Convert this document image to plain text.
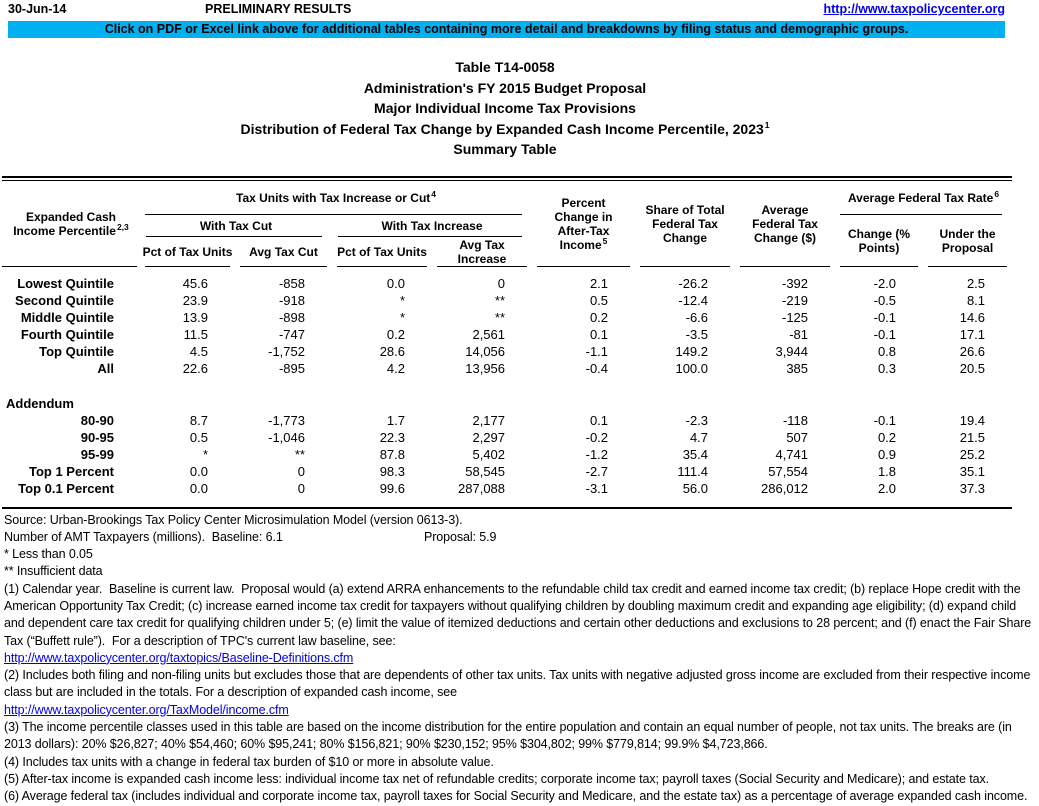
30-Jun-14	PRELIMINARY RESULTS	http://www.taxpolicycenter.org
Click on PDF or Excel link above for additional tables containing more detail and breakdowns by filing status and demographic groups.
Table T14-0058
Administration's FY 2015 Budget Proposal
Major Individual Income Tax Provisions
Distribution of Federal Tax Change by Expanded Cash Income Percentile, 2023$^1$
Summary Table
Expanded Cash Income Percentile$^{2,3}$	Tax Units with Tax Increase or Cut$^4$				Percent Change in After-Tax Income$^5$	Share of Total Federal Tax Change	Average Federal Tax Change ($)	Average Federal Tax Rate$^6$
	With Tax Cut		With Tax Increase					Change (% Points)	Under the Proposal
	Pct of Tax Units	Avg Tax Cut	Pct of Tax Units	Avg Tax Increase					

Lowest Quintile	45.6	-858	0.0	0	2.1	-26.2	-392	-2.0	2.5
Second Quintile	23.9	-918	*	**	0.5	-12.4	-219	-0.5	8.1
Middle Quintile	13.9	-898	*	**	0.2	-6.6	-125	-0.1	14.6
Fourth Quintile	11.5	-747	0.2	2,561	0.1	-3.5	-81	-0.1	17.1
Top Quintile	4.5	-1,752	28.6	14,056	-1.1	149.2	3,944	0.8	26.6
All	22.6	-895	4.2	13,956	-0.4	100.0	385	0.3	20.5

Addendum									
80-90	8.7	-1,773	1.7	2,177	0.1	-2.3	-118	-0.1	19.4
90-95	0.5	-1,046	22.3	2,297	-0.2	4.7	507	0.2	21.5
95-99	*	**	87.8	5,402	-1.2	35.4	4,741	0.9	25.2
Top 1 Percent	0.0	0	98.3	58,545	-2.7	111.4	57,554	1.8	35.1
Top 0.1 Percent	0.0	0	99.6	287,088	-3.1	56.0	286,012	2.0	37.3

Source: Urban-Brookings Tax Policy Center Microsimulation Model (version 0613-3).

Number of AMT Taxpayers (millions).  Baseline: 6.1	Proposal: 5.9

* Less than 0.05

** Insufficient data

(1) Calendar year.  Baseline is current law.  Proposal would (a) extend ARRA enhancements to the refundable child tax credit and earned income tax credit; (b) replace Hope credit with the American Opportunity Tax Credit; (c) increase earned income tax credit for taxpayers without qualifying children by doubling maximum credit and expanding age eligibility; (d) expand child and dependent care tax credit for qualifying children under 5; (e) limit the value of itemized deductions and certain other deductions and exclusions to 28 percent; and (f) enact the Fair Share Tax (“Buffett rule”).  For a description of TPC's current law baseline, see:

http://www.taxpolicycenter.org/taxtopics/Baseline-Definitions.cfm

(2) Includes both filing and non-filing units but excludes those that are dependents of other tax units. Tax units with negative adjusted gross income are excluded from their respective income class but are included in the totals. For a description of expanded cash income, see

http://www.taxpolicycenter.org/TaxModel/income.cfm

(3) The income percentile classes used in this table are based on the income distribution for the entire population and contain an equal number of people, not tax units. The breaks are (in 2013 dollars): 20% $26,827; 40% $54,460; 60% $95,241; 80% $156,821; 90% $230,152; 95% $304,802; 99% $779,814; 99.9% $4,723,866.

(4) Includes tax units with a change in federal tax burden of $10 or more in absolute value.

(5) After-tax income is expanded cash income less: individual income tax net of refundable credits; corporate income tax; payroll taxes (Social Security and Medicare); and estate tax.

(6) Average federal tax (includes individual and corporate income tax, payroll taxes for Social Security and Medicare, and the estate tax) as a percentage of average expanded cash income.
